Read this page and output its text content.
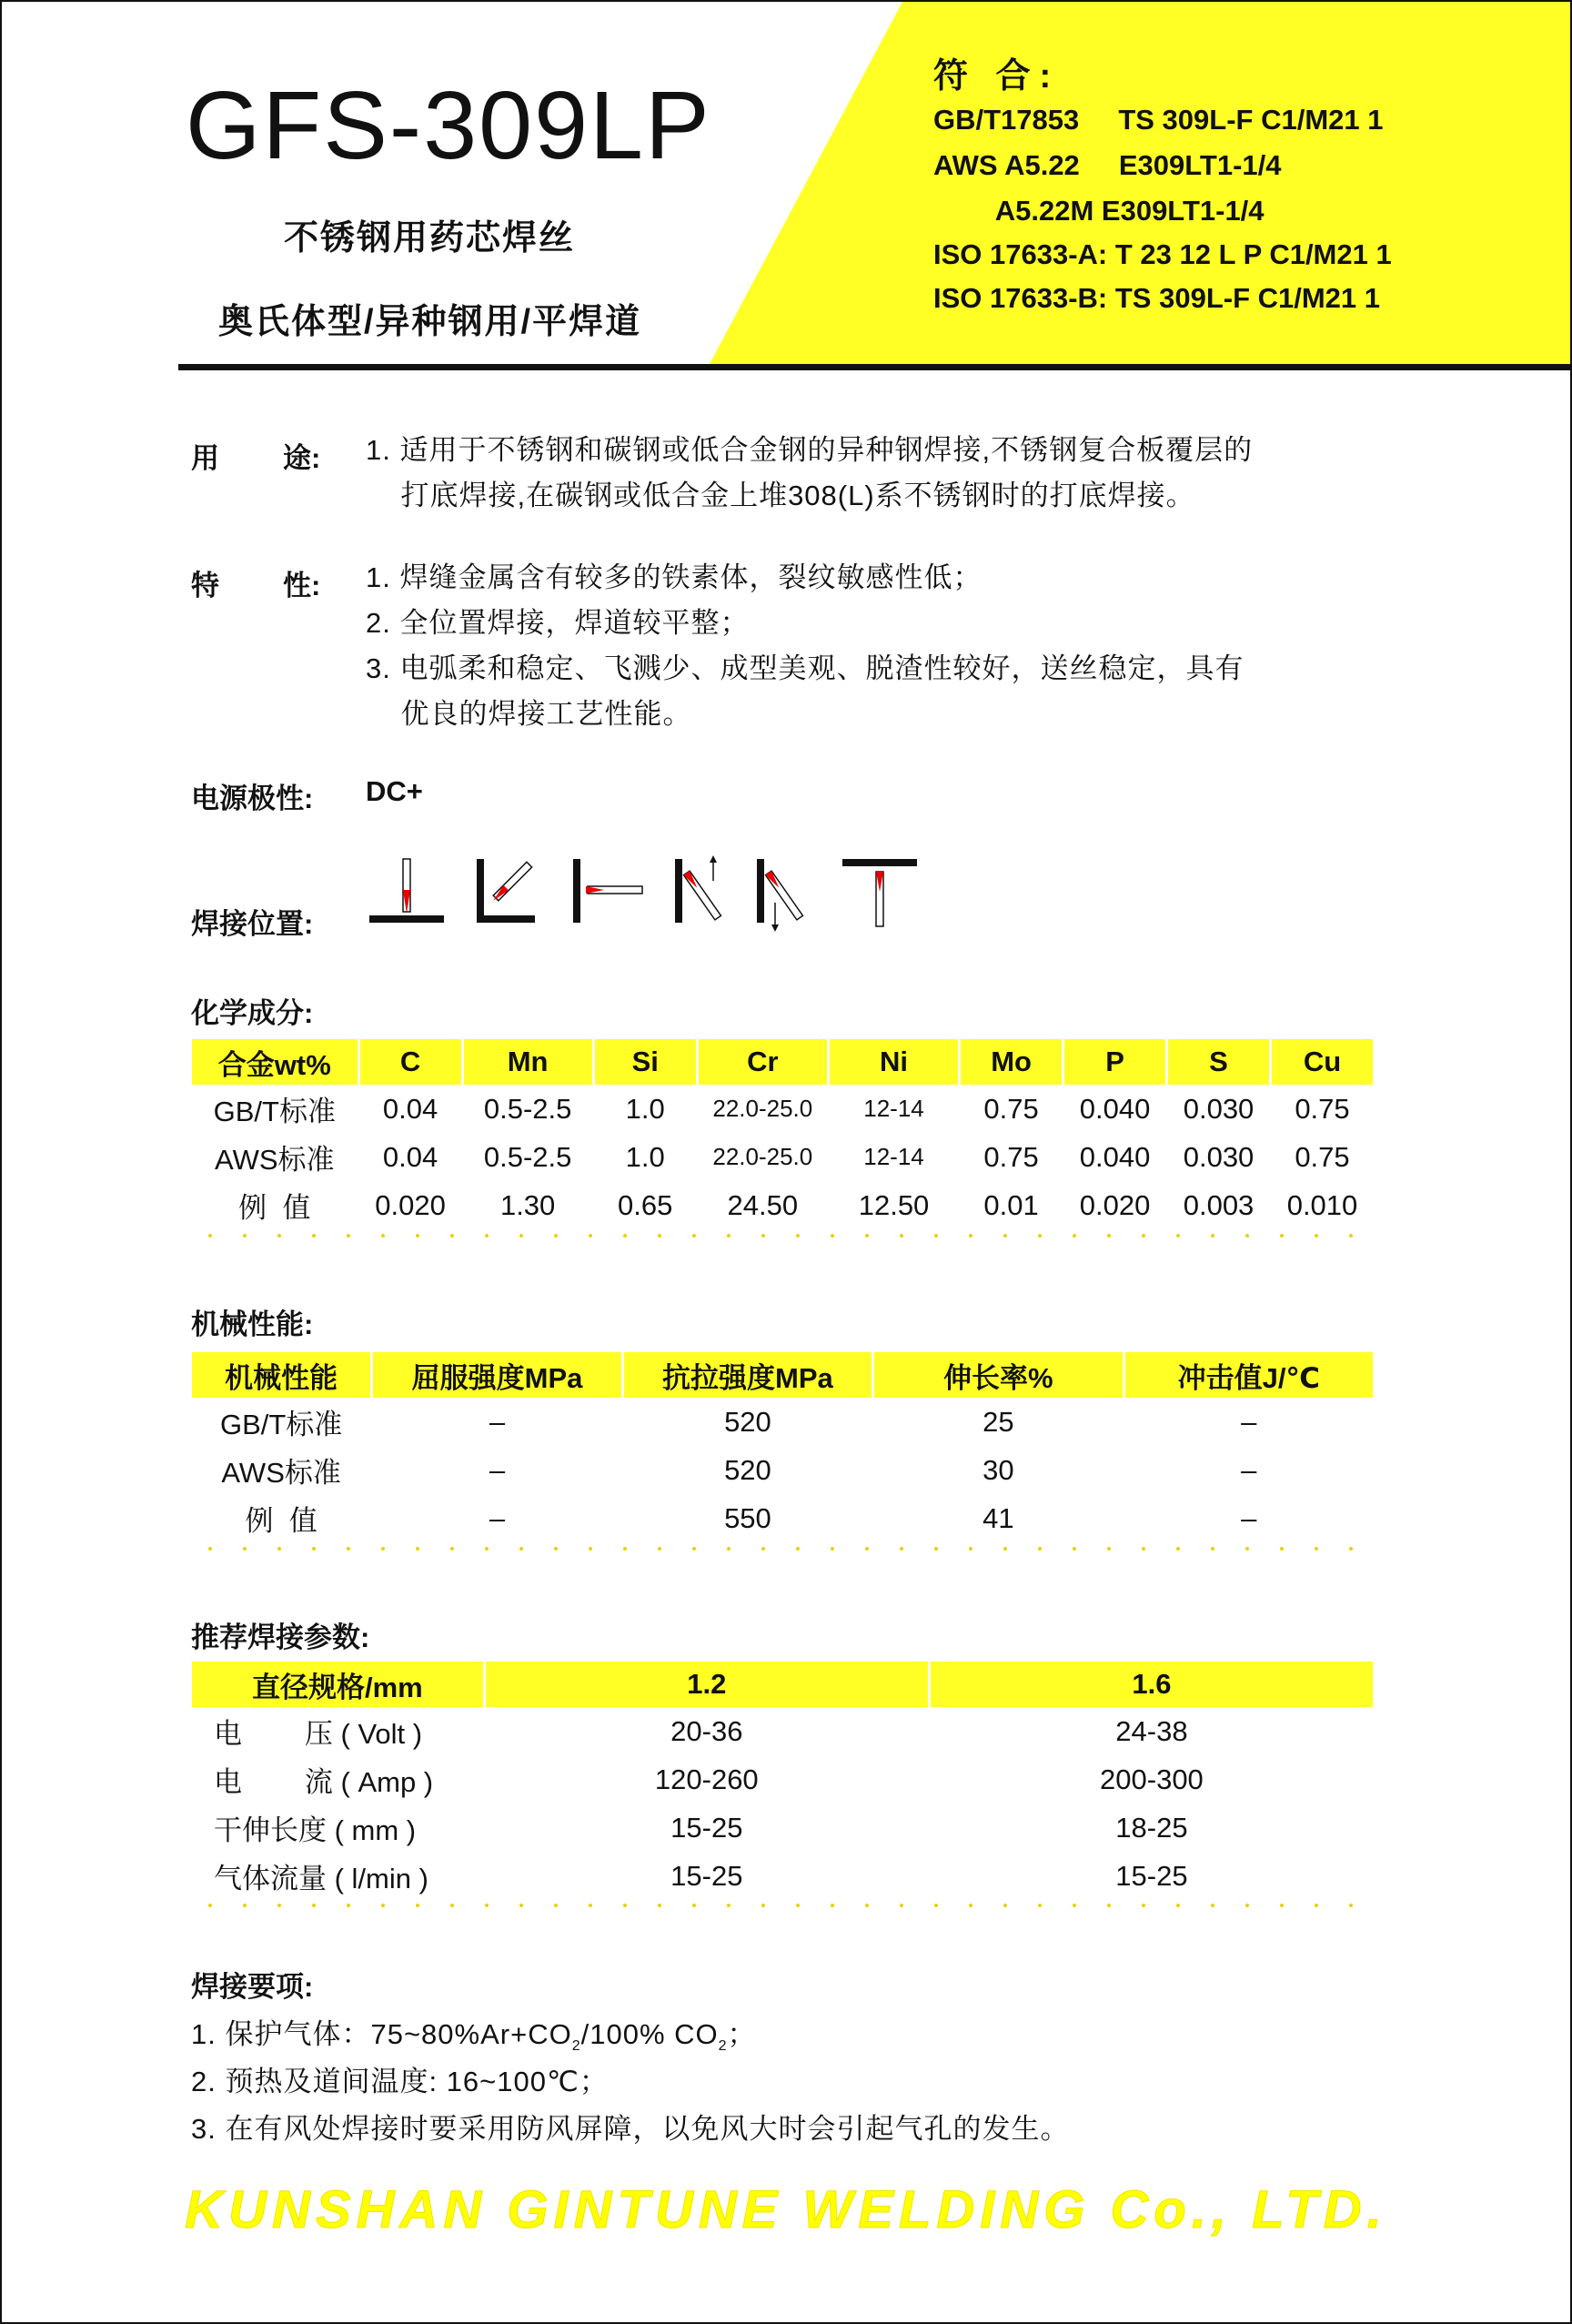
GFS-309LP
不锈钢用药芯焊丝
奥氏体型/异种钢用/平焊道
符 合:
GB/T17853     TS 309L-F C1/M21 1
AWS A5.22     E309LT1-1/4
A5.22M E309LT1-1/4
ISO 17633-A: T 23 12 L P C1/M21 1
ISO 17633-B: TS 309L-F C1/M21 1
用 途: 1. 适用于不锈钢和碳钢或低合金钢的异种钢焊接,不锈钢复合板覆层的
打底焊接,在碳钢或低合金上堆308(L)系不锈钢时的打底焊接。
特 性: 1. 焊缝金属含有较多的铁素体，裂纹敏感性低；
2. 全位置焊接，焊道较平整；
3. 电弧柔和稳定、飞溅少、成型美观、脱渣性较好，送丝稳定，具有
优良的焊接工艺性能。
电源极性: DC+
焊接位置:
化学成分:
合金wt%	C	Mn	Si	Cr	Ni	Mo	P	S	Cu
GB/T标准	0.04	0.5-2.5	1.0	22.0-25.0	12-14	0.75	0.040	0.030	0.75
AWS标准	0.04	0.5-2.5	1.0	22.0-25.0	12-14	0.75	0.040	0.030	0.75
例  值	0.020	1.30	0.65	24.50	12.50	0.01	0.020	0.003	0.010
机械性能:
机械性能	屈服强度MPa	抗拉强度MPa	伸长率%	冲击值J/℃
GB/T标准	–	520	25	–
AWS标准	–	520	30	–
例  值	–	550	41	–
推荐焊接参数:
直径规格/mm	1.2	1.6
电        压 ( Volt )	20-36	24-38
电        流 ( Amp )	120-260	200-300
干伸长度 ( mm )	15-25	18-25
气体流量 ( l/min )	15-25	15-25
焊接要项:
1. 保护气体：$75\sim 80\%Ar+CO_2/100\%$ $CO_2$；
2. 预热及道间温度: 16~100℃；
3. 在有风处焊接时要采用防风屏障，以免风大时会引起气孔的发生。
KUNSHAN GINTUNE WELDING Co., LTD.
